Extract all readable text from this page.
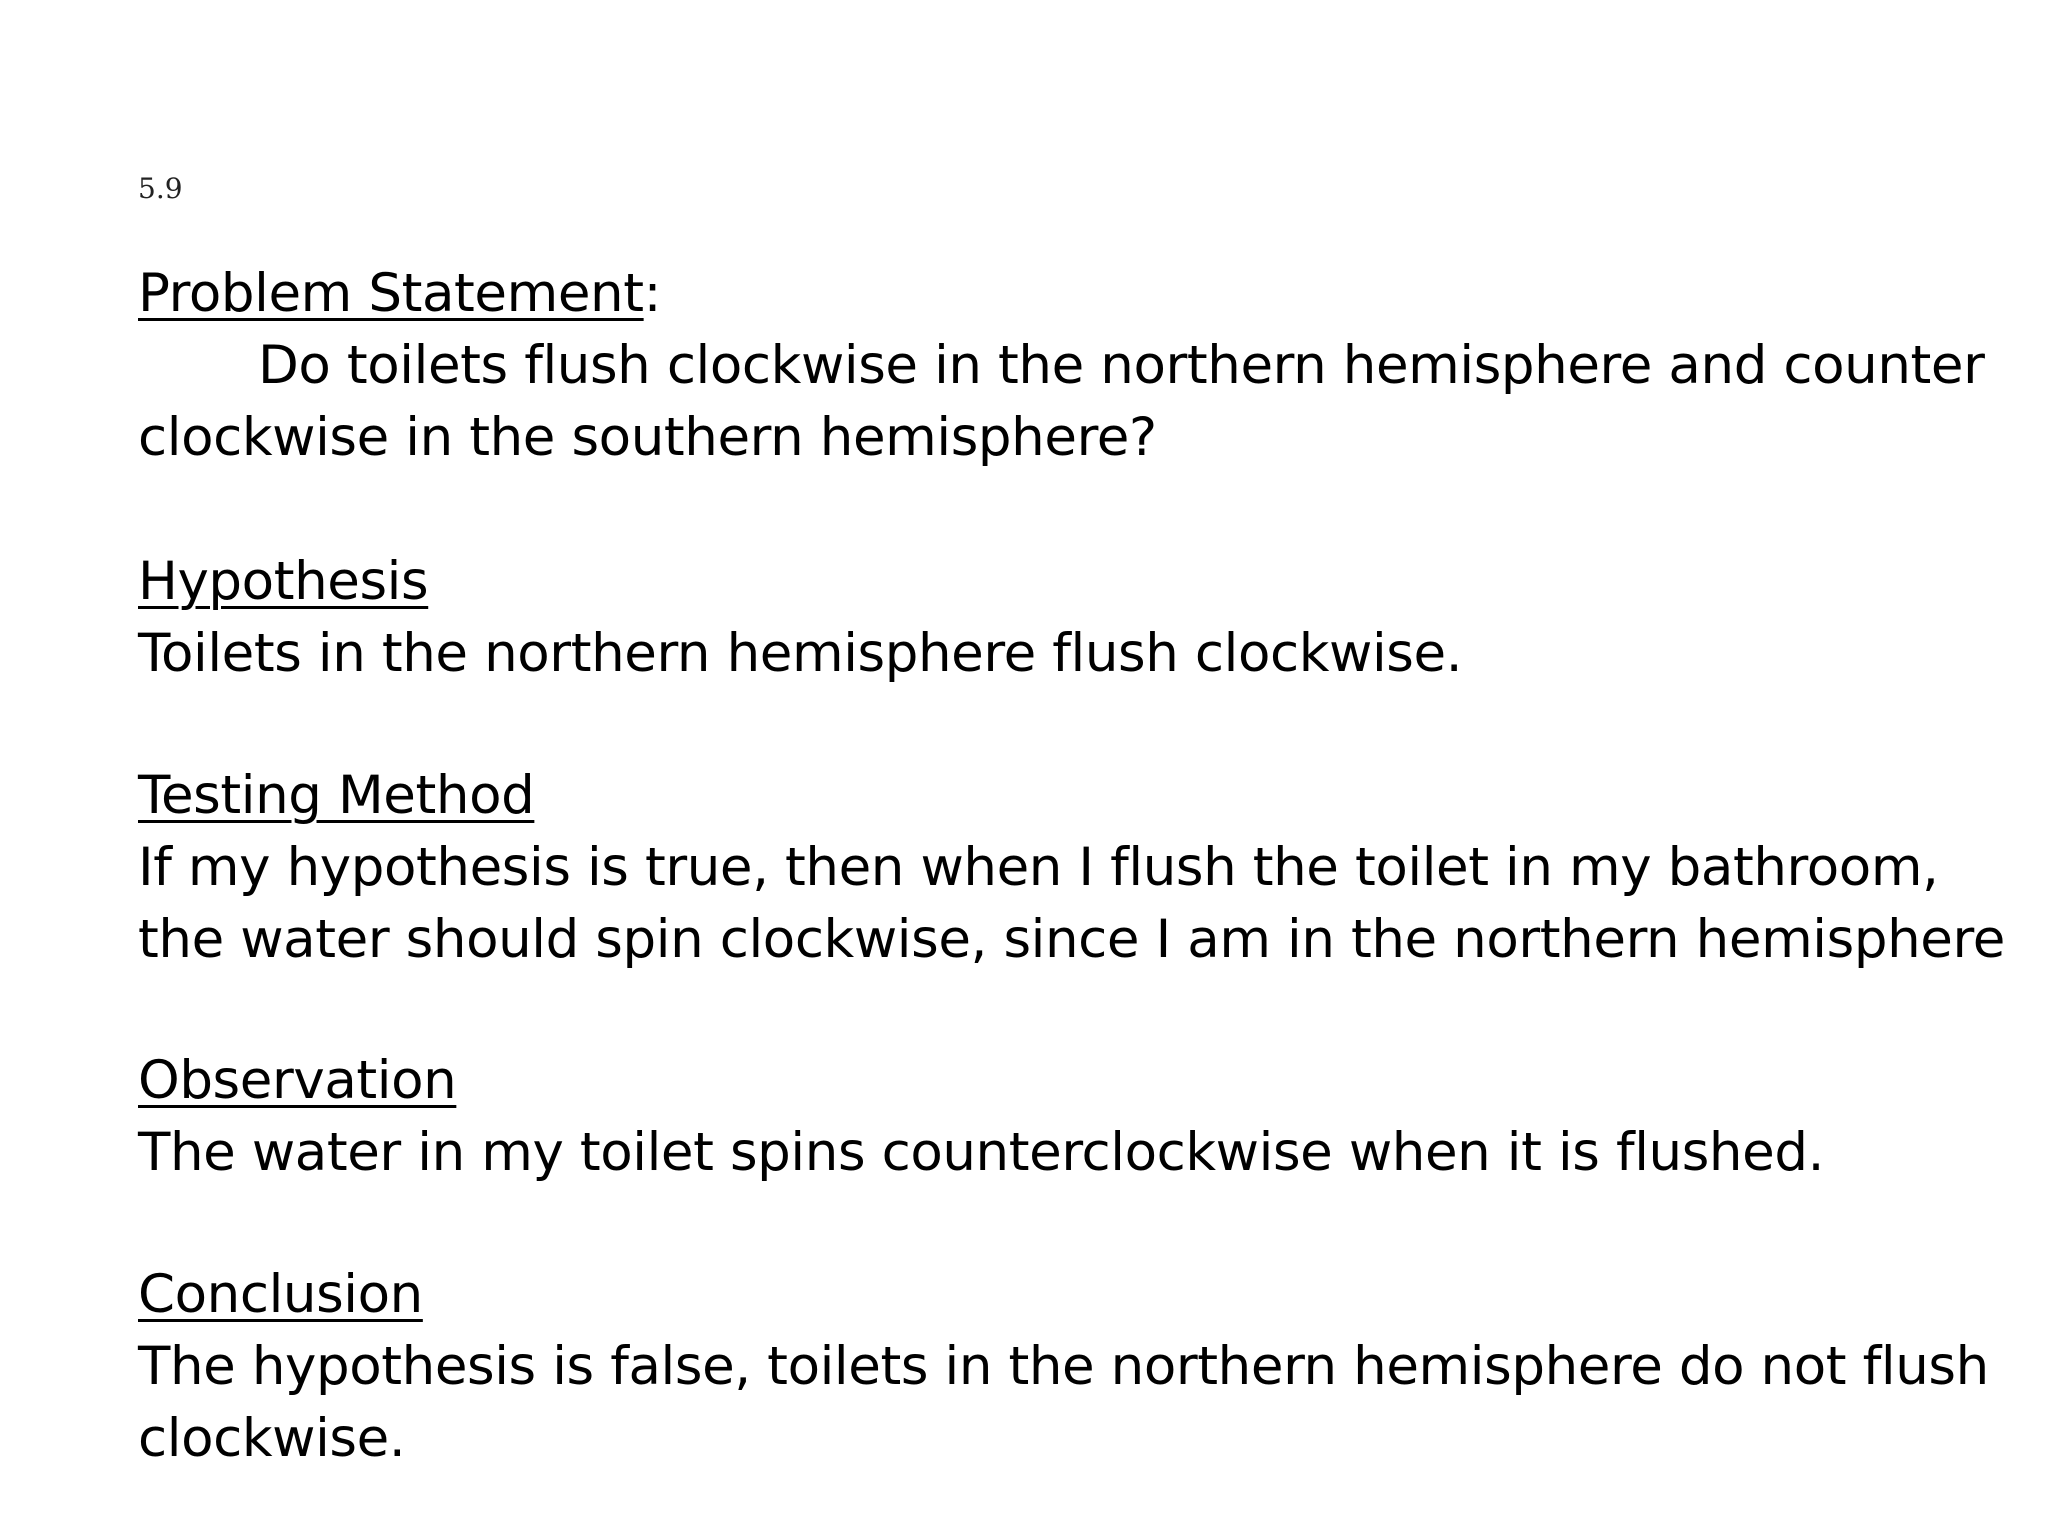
5.9
Problem Statement:
Do toilets flush clockwise in the northern hemisphere and counter
clockwise in the southern hemisphere?
Hypothesis
Toilets in the northern hemisphere flush clockwise.
Testing Method
If my hypothesis is true, then when I flush the toilet in my bathroom,
the water should spin clockwise, since I am in the northern hemisphere
Observation
The water in my toilet spins counterclockwise when it is flushed.
Conclusion
The hypothesis is false, toilets in the northern hemisphere do not flush
clockwise.
